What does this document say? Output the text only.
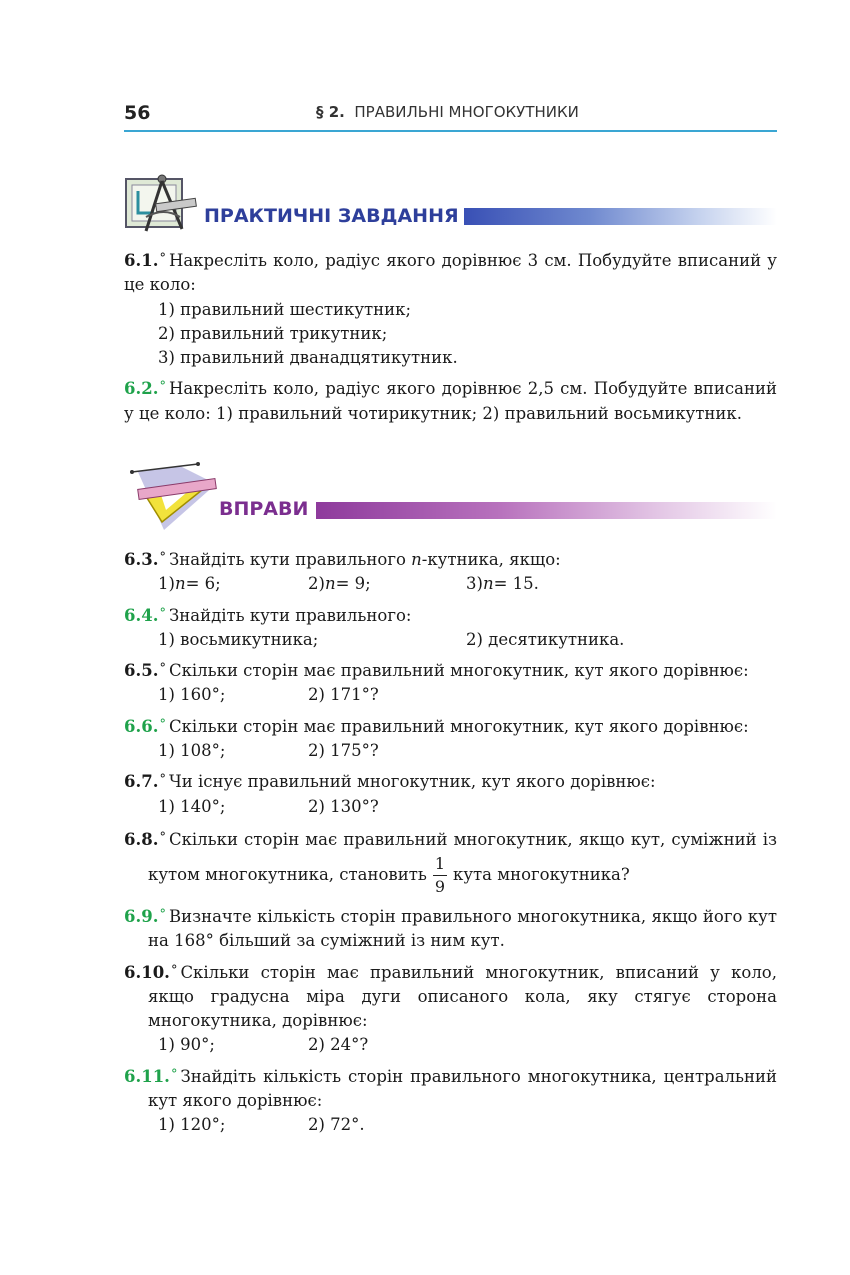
56	§ 2. ПРАВИЛЬНІ МНОГОКУТНИКИ
ПРАКТИЧНІ ЗАВДАННЯ
6.1.° Накресліть коло, радіус якого дорівнює 3 см. Побудуйте вписаний у це коло:
1) правильний шестикутник;
2) правильний трикутник;
3) правильний дванадцятикутник.
6.2.° Накресліть коло, радіус якого дорівнює 2,5 см. Побудуйте вписаний у це коло: 1) правильний чотирикутник; 2) правильний восьмикутник.
ВПРАВИ
6.3.° Знайдіть кути правильного n-кутника, якщо:
1)n= 6;	2)n= 9;	3)n= 15.
6.4.° Знайдіть кути правильного:
1) восьмикутника;	2) десятикутника.
6.5.° Скільки сторін має правильний многокутник, кут якого дорівнює:
1) 160°;	2) 171°?
6.6.° Скільки сторін має правильний многокутник, кут якого дорівнює:
1) 108°;	2) 175°?
6.7.° Чи існує правильний многокутник, кут якого дорівнює:
1) 140°;	2) 130°?
6.8.° Скільки сторін має правильний многокутник, якщо кут, суміжний із кутом многокутника, становить $\frac{1}{9}$ кута многокутника?
6.9.° Визначте кількість сторін правильного многокутника, якщо його кут на 168° більший за суміжний із ним кут.
6.10.° Скільки сторін має правильний многокутник, вписаний у коло, якщо градусна міра дуги описаного кола, яку стягує сторона многокутника, дорівнює:
1) 90°;	2) 24°?
6.11.° Знайдіть кількість сторін правильного многокутника, центральний кут якого дорівнює:
1) 120°;	2) 72°.
